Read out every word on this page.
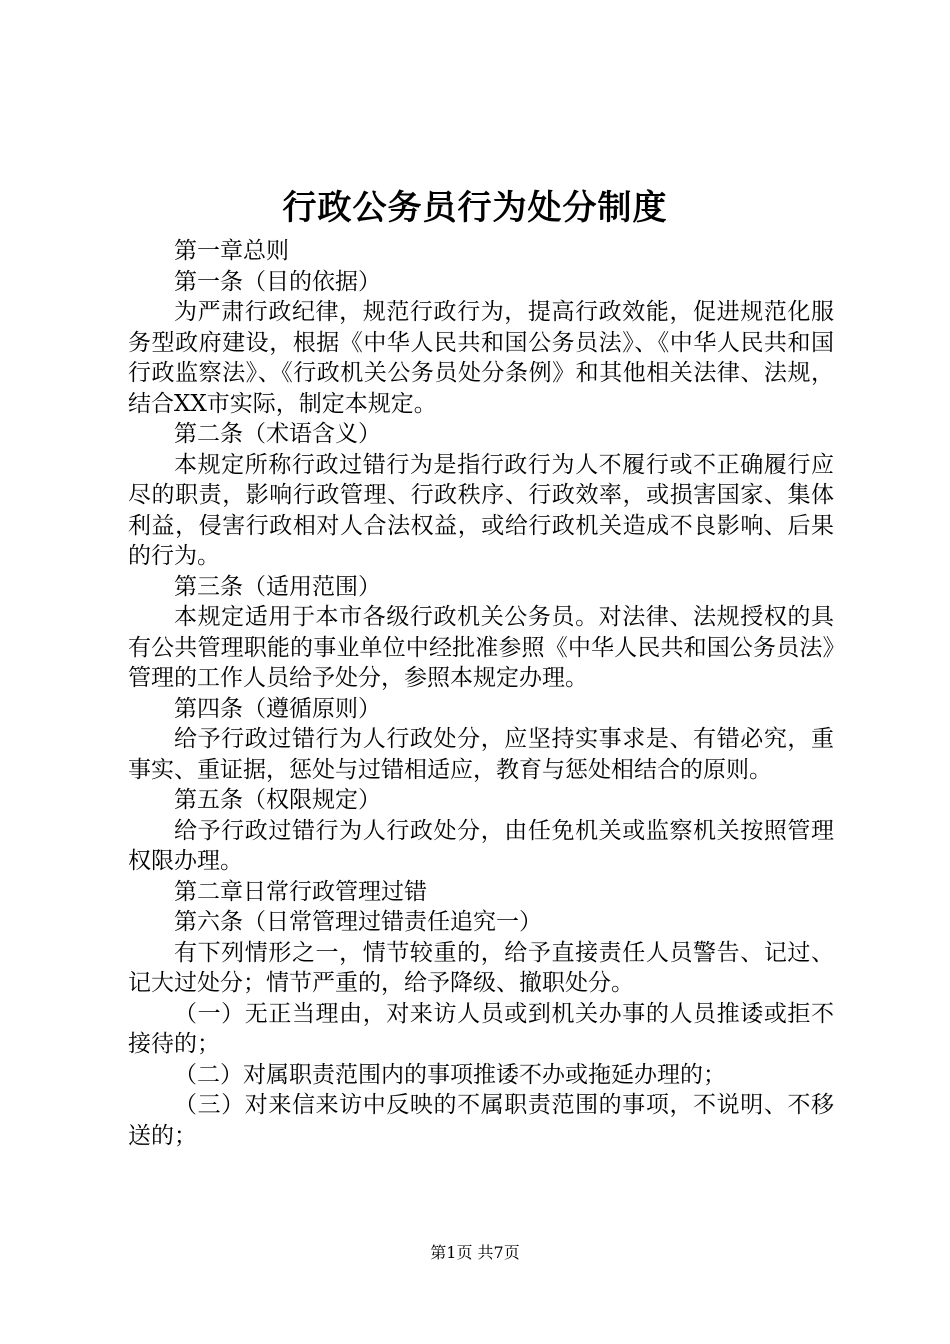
行政公务员行为处分制度

第一章总则

第一条（目的依据）

为严肃行政纪律，规范行政行为，提高行政效能，促进规范化服务型政府建设，根据《中华人民共和国公务员法》、《中华人民共和国行政监察法》、《行政机关公务员处分条例》和其他相关法律、法规，结合XX市实际，制定本规定。

第二条（术语含义）

本规定所称行政过错行为是指行政行为人不履行或不正确履行应尽的职责，影响行政管理、行政秩序、行政效率，或损害国家、集体利益，侵害行政相对人合法权益，或给行政机关造成不良影响、后果的行为。

第三条（适用范围）

本规定适用于本市各级行政机关公务员。对法律、法规授权的具有公共管理职能的事业单位中经批准参照《中华人民共和国公务员法》管理的工作人员给予处分，参照本规定办理。

第四条（遵循原则）

给予行政过错行为人行政处分，应坚持实事求是、有错必究，重事实、重证据，惩处与过错相适应，教育与惩处相结合的原则。

第五条（权限规定）

给予行政过错行为人行政处分，由任免机关或监察机关按照管理权限办理。

第二章日常行政管理过错

第六条（日常管理过错责任追究一）

有下列情形之一，情节较重的，给予直接责任人员警告、记过、记大过处分；情节严重的，给予降级、撤职处分。

（一）无正当理由，对来访人员或到机关办事的人员推诿或拒不接待的；

（二）对属职责范围内的事项推诿不办或拖延办理的；

（三）对来信来访中反映的不属职责范围的事项，不说明、不移送的；

第1页 共7页
